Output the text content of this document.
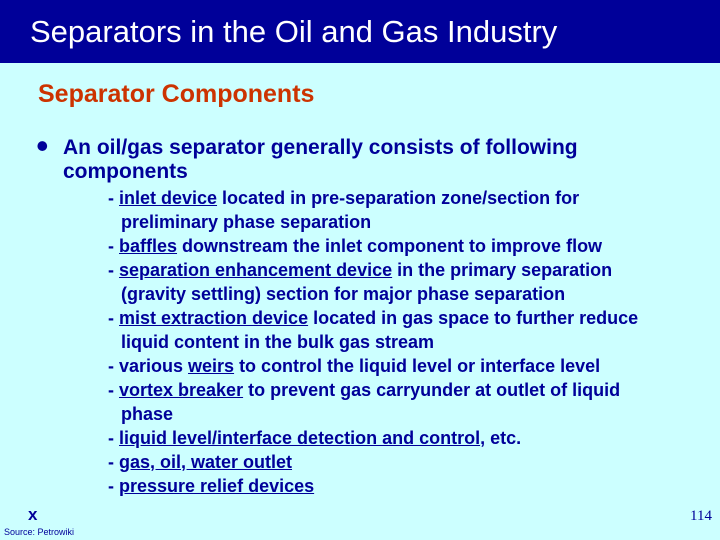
Separators in the Oil and Gas Industry
Separator Components
• An oil/gas separator generally consists of following components
- inlet device located in pre-separation zone/section for
preliminary phase separation
- baffles downstream the inlet component to improve flow
- separation enhancement device in the primary separation
(gravity settling) section for major phase separation
- mist extraction device located in gas space to further reduce
liquid content in the bulk gas stream
- various weirs to control the liquid level or interface level
- vortex breaker to prevent gas carryunder at outlet of liquid
phase
- liquid level/interface detection and control, etc.
- gas, oil, water outlet
- pressure relief devices
x
Source: Petrowiki
114
